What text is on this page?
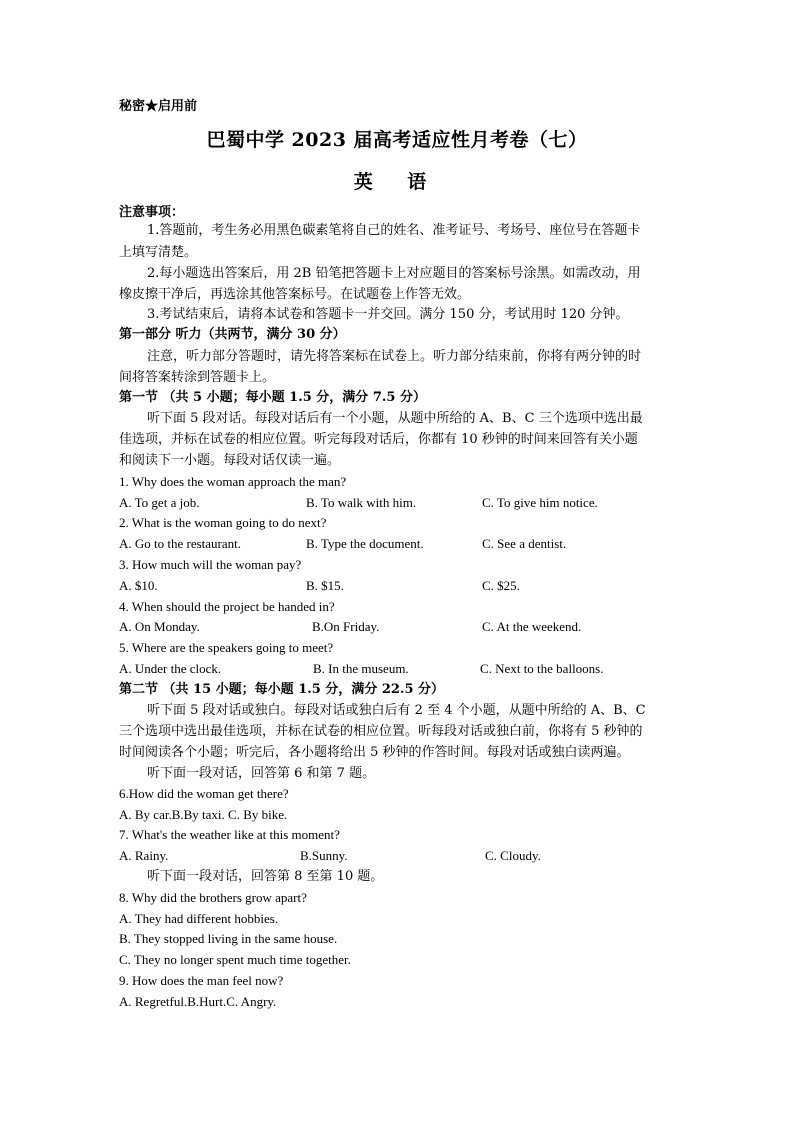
秘密★启用前
巴蜀中学 2023 届高考适应性月考卷（七）
英 语
注意事项：
1.答题前，考生务必用黑色碳素笔将自己的姓名、准考证号、考场号、座位号在答题卡
上填写清楚。
2.每小题选出答案后，用 2B 铅笔把答题卡上对应题目的答案标号涂黑。如需改动，用
橡皮擦干净后，再选涂其他答案标号。在试题卷上作答无效。
3.考试结束后，请将本试卷和答题卡一并交回。满分 150 分，考试用时 120 分钟。
第一部分 听力（共两节，满分 30 分）
注意，听力部分答题时，请先将答案标在试卷上。听力部分结束前，你将有两分钟的时
间将答案转涂到答题卡上。
第一节 （共 5 小题；每小题 1.5 分，满分 7.5 分）
听下面 5 段对话。每段对话后有一个小题，从题中所给的 A、B、C 三个选项中选出最
佳选项，并标在试卷的相应位置。听完每段对话后，你都有 10 秒钟的时间来回答有关小题
和阅读下一小题。每段对话仅读一遍。
1. Why does the woman approach the man?
A. To get a job.	B. To walk with him.	C. To give him notice.
2. What is the woman going to do next?
A. Go to the restaurant.	B. Type the document.	C. See a dentist.
3. How much will the woman pay?
A. $10.	B. $15.	C. $25.
4. When should the project be handed in?
A. On Monday.	B.On Friday.	C. At the weekend.
5. Where are the speakers going to meet?
A. Under the clock.	B. In the museum.	C. Next to the balloons.
第二节 （共 15 小题；每小题 1.5 分，满分 22.5 分）
听下面 5 段对话或独白。每段对话或独白后有 2 至 4 个小题，从题中所给的 A、B、C
三个选项中选出最佳选项，并标在试卷的相应位置。听每段对话或独白前，你将有 5 秒钟的
时间阅读各个小题；听完后，各小题将给出 5 秒钟的作答时间。每段对话或独白读两遍。
听下面一段对话，回答第 6 和第 7 题。
6.How did the woman get there?
A. By car.B.By taxi. C. By bike.
7. What's the weather like at this moment?
A. Rainy.	B.Sunny.	C. Cloudy.
听下面一段对话，回答第 8 至第 10 题。
8. Why did the brothers grow apart?
A. They had different hobbies.
B. They stopped living in the same house.
C. They no longer spent much time together.
9. How does the man feel now?
A. Regretful.B.Hurt.C. Angry.
